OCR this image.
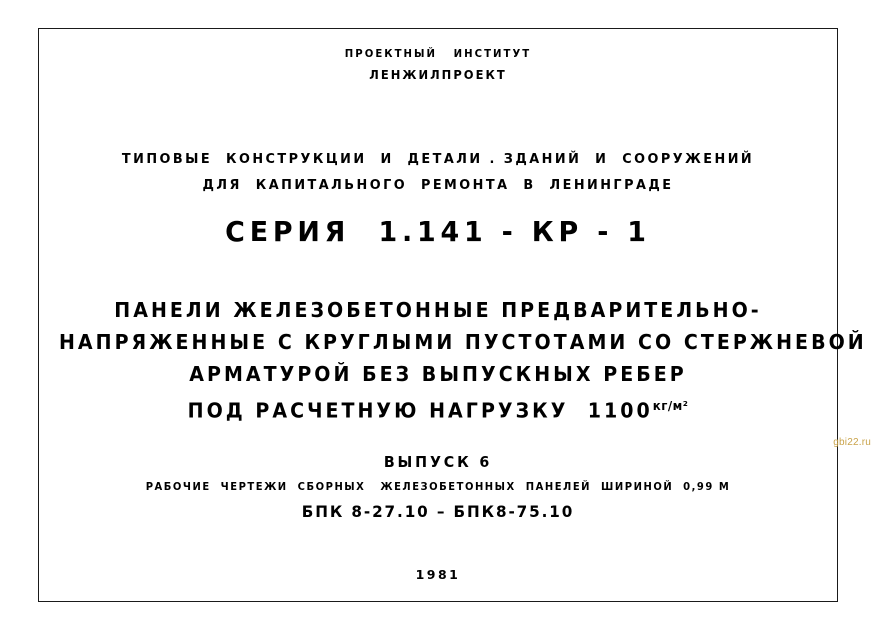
ПРОЕКТНЫЙ   ИНСТИТУТ
ЛЕНЖИЛПРОЕКТ
ТИПОВЫЕ  КОНСТРУКЦИИ  И  ДЕТАЛИ . ЗДАНИЙ  И  СООРУЖЕНИЙ
ДЛЯ  КАПИТАЛЬНОГО  РЕМОНТА  В  ЛЕНИНГРАДЕ
СЕРИЯ  1.141 - КР - 1
ПАНЕЛИ ЖЕЛЕЗОБЕТОННЫЕ ПРЕДВАРИТЕЛЬНО-
НАПРЯЖЕННЫЕ С КРУГЛЫМИ ПУСТОТАМИ СО СТЕРЖНЕВОЙ
АРМАТУРОЙ БЕЗ ВЫПУСКНЫХ РЕБЕР
ПОД РАСЧЕТНУЮ НАГРУЗКУ  $1100^{кг/м^2}$
ВЫПУСК 6
РАБОЧИЕ  ЧЕРТЕЖИ  СБОРНЫХ   ЖЕЛЕЗОБЕТОННЫХ  ПАНЕЛЕЙ  ШИРИНОЙ  0,99 М
БПК 8-27.10 – БПК8-75.10
1981
gbi22.ru
